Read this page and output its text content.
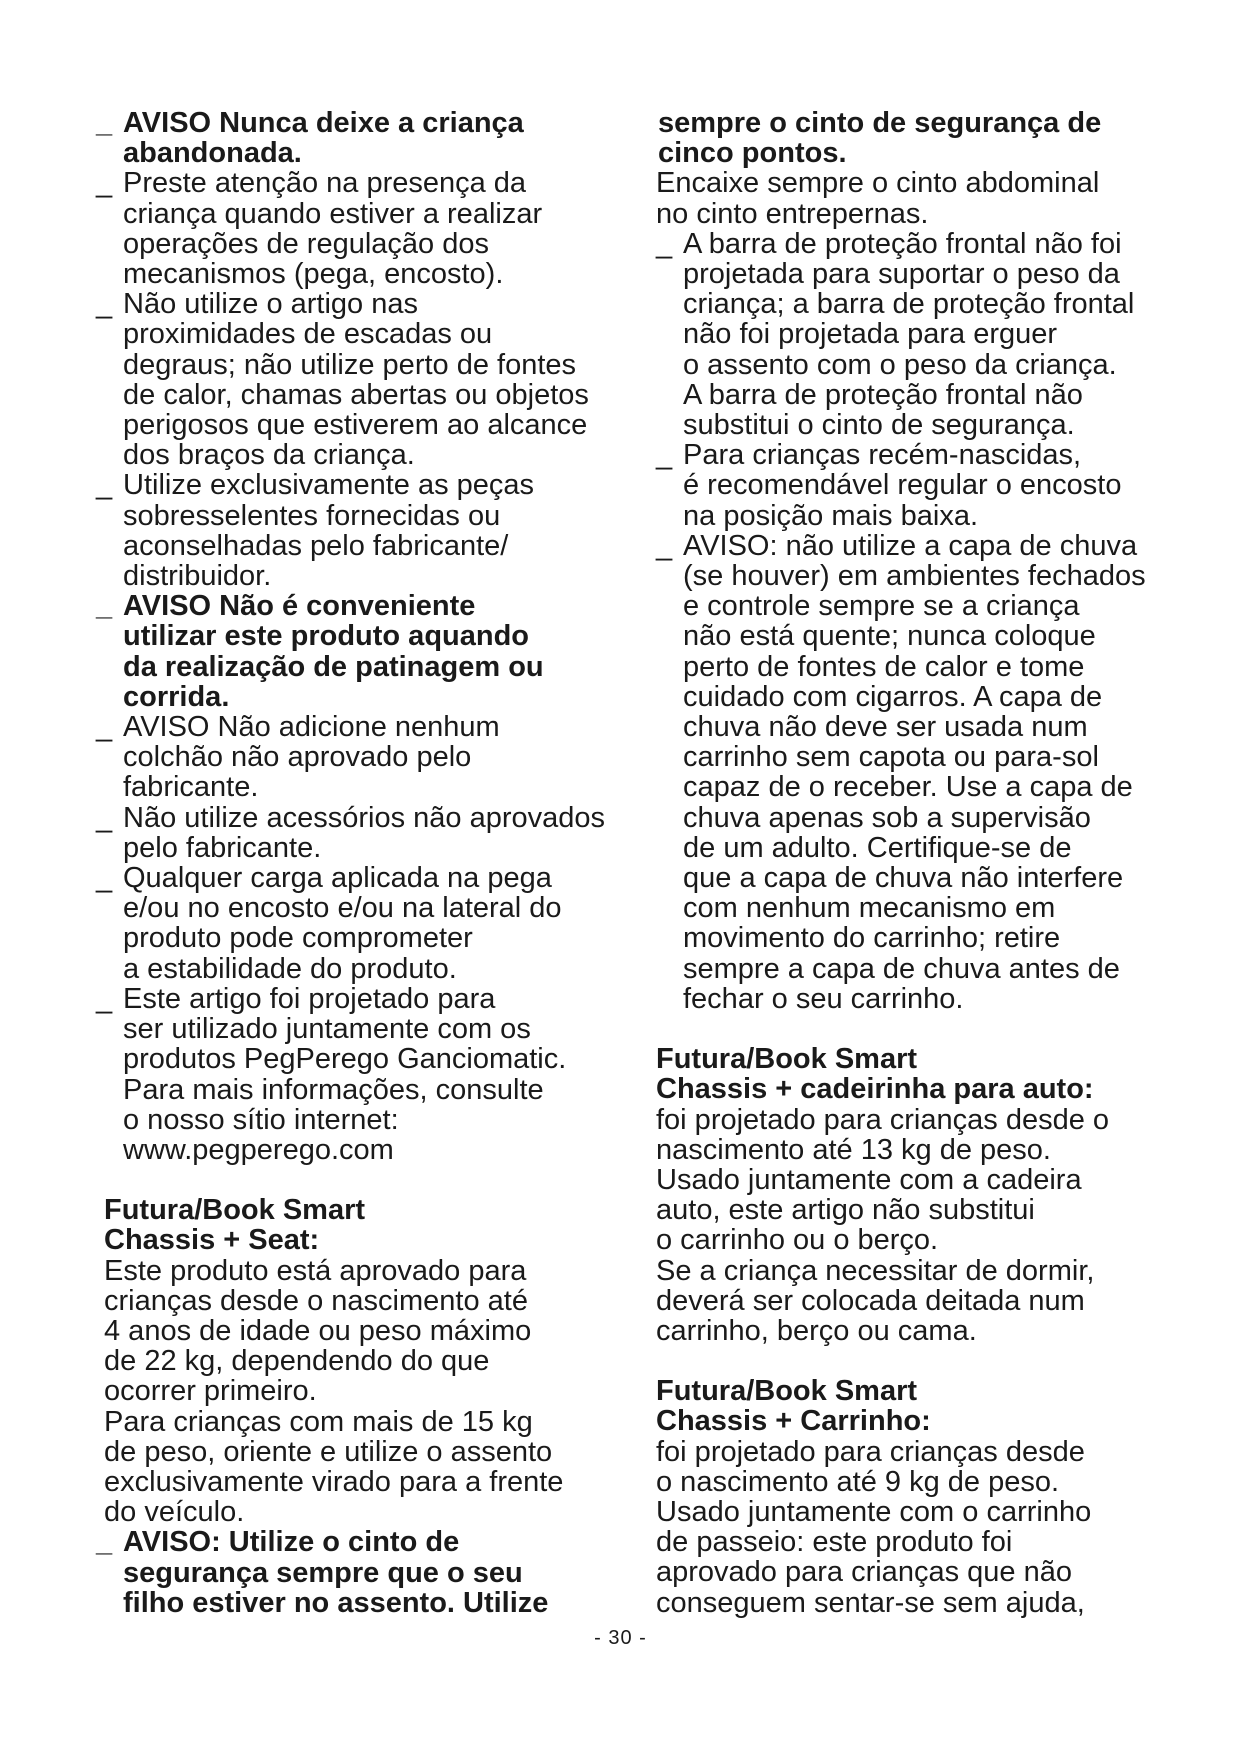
_ AVISO Nunca deixe a criança
abandonada.

_ Preste atenção na presença da
criança quando estiver a realizar
operações de regulação dos
mecanismos (pega, encosto).

_ Não utilize o artigo nas
proximidades de escadas ou
degraus; não utilize perto de fontes
de calor, chamas abertas ou objetos
perigosos que estiverem ao alcance
dos braços da criança.

_ Utilize exclusivamente as peças
sobresselentes fornecidas ou
aconselhadas pelo fabricante/
distribuidor.

_ AVISO Não é conveniente
utilizar este produto aquando
da realização de patinagem ou
corrida.

_ AVISO Não adicione nenhum
colchão não aprovado pelo
fabricante.

_ Não utilize acessórios não aprovados
pelo fabricante.

_ Qualquer carga aplicada na pega
e/ou no encosto e/ou na lateral do
produto pode comprometer
a estabilidade do produto.

_ Este artigo foi projetado para
ser utilizado juntamente com os
produtos PegPerego Ganciomatic.
Para mais informações, consulte
o nosso sítio internet:
www.pegperego.com

Futura/Book Smart
Chassis + Seat:

Este produto está aprovado para
crianças desde o nascimento até
4 anos de idade ou peso máximo
de 22 kg, dependendo do que
ocorrer primeiro.

Para crianças com mais de 15 kg
de peso, oriente e utilize o assento
exclusivamente virado para a frente
do veículo.

_ AVISO: Utilize o cinto de
segurança sempre que o seu
filho estiver no assento. Utilize

sempre o cinto de segurança de
cinco pontos.

Encaixe sempre o cinto abdominal
no cinto entrepernas.

_ A barra de proteção frontal não foi
projetada para suportar o peso da
criança; a barra de proteção frontal
não foi projetada para erguer
o assento com o peso da criança.
A barra de proteção frontal não
substitui o cinto de segurança.

_ Para crianças recém-nascidas,
é recomendável regular o encosto
na posição mais baixa.

_ AVISO: não utilize a capa de chuva
(se houver) em ambientes fechados
e controle sempre se a criança
não está quente; nunca coloque
perto de fontes de calor e tome
cuidado com cigarros. A capa de
chuva não deve ser usada num
carrinho sem capota ou para-sol
capaz de o receber. Use a capa de
chuva apenas sob a supervisão
de um adulto. Certifique-se de
que a capa de chuva não interfere
com nenhum mecanismo em
movimento do carrinho; retire
sempre a capa de chuva antes de
fechar o seu carrinho.

Futura/Book Smart
Chassis + cadeirinha para auto:

foi projetado para crianças desde o
nascimento até 13 kg de peso.

Usado juntamente com a cadeira
auto, este artigo não substitui
o carrinho ou o berço.

Se a criança necessitar de dormir,
deverá ser colocada deitada num
carrinho, berço ou cama.

Futura/Book Smart
Chassis + Carrinho:

foi projetado para crianças desde
o nascimento até 9 kg de peso.

Usado juntamente com o carrinho
de passeio: este produto foi
aprovado para crianças que não
conseguem sentar-se sem ajuda,

- 30 -
